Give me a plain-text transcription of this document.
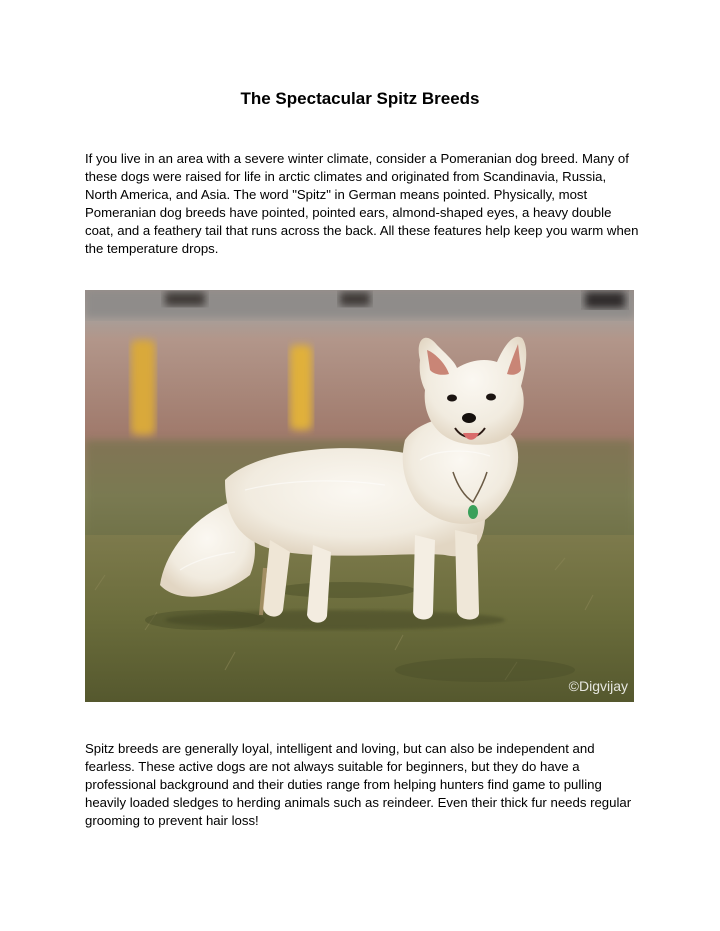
The Spectacular Spitz Breeds

If you live in an area with a severe winter climate, consider a Pomeranian dog breed. Many of these dogs were raised for life in arctic climates and originated from Scandinavia, Russia, North America, and Asia. The word "Spitz" in German means pointed. Physically, most Pomeranian dog breeds have pointed, pointed ears, almond-shaped eyes, a heavy double coat, and a feathery tail that runs across the back. All these features help keep you warm when the temperature drops.

©Digvijay

Spitz breeds are generally loyal, intelligent and loving, but can also be independent and fearless. These active dogs are not always suitable for beginners, but they do have a professional background and their duties range from helping hunters find game to pulling heavily loaded sledges to herding animals such as reindeer. Even their thick fur needs regular grooming to prevent hair loss!
